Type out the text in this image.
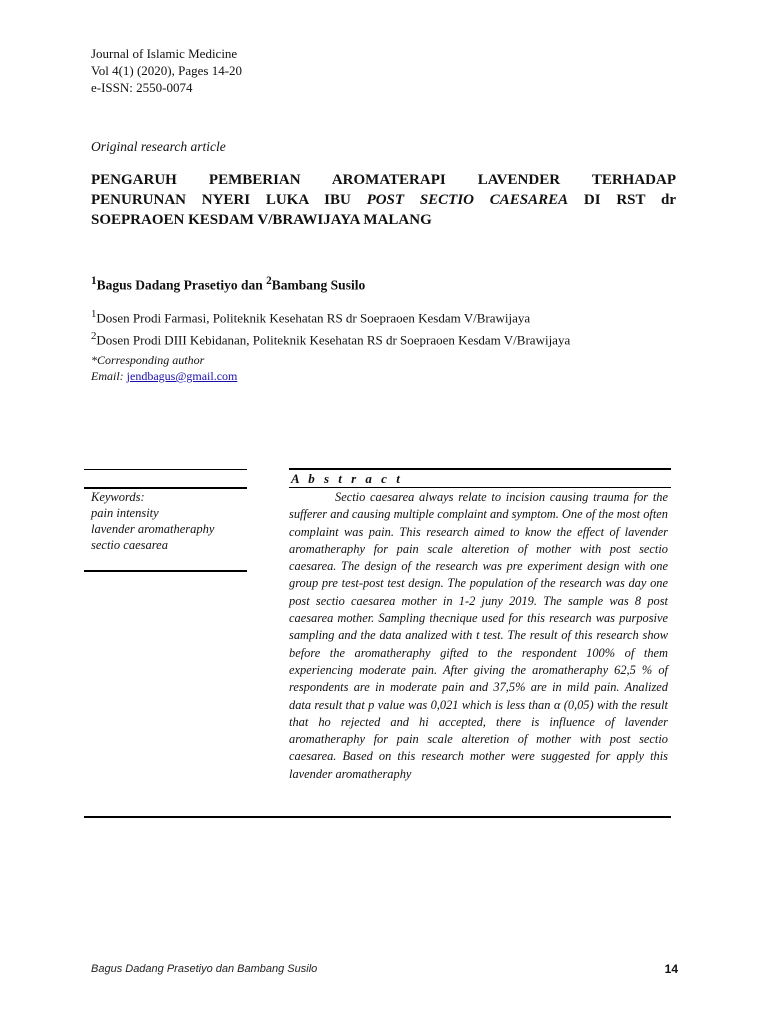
Journal of Islamic Medicine
Vol 4(1) (2020), Pages 14-20
e-ISSN: 2550-0074
Original research article
PENGARUH PEMBERIAN AROMATERAPI LAVENDER TERHADAP
PENURUNAN NYERI LUKA IBU POST SECTIO CAESAREA DI RST dr
SOEPRAOEN KESDAM V/BRAWIJAYA MALANG
$^1$Bagus Dadang Prasetiyo dan $^2$Bambang Susilo
$^1$Dosen Prodi Farmasi, Politeknik Kesehatan RS dr Soepraoen Kesdam V/Brawijaya
$^2$Dosen Prodi DIII Kebidanan, Politeknik Kesehatan RS dr Soepraoen Kesdam V/Brawijaya
*Corresponding author
Email: jendbagus@gmail.com
A b s t r a c t
Keywords:
pain intensity
lavender aromatheraphy
sectio caesarea
Sectio caesarea always relate to incision causing trauma for the sufferer and causing multiple complaint and symptom. One of the most often complaint was pain. This research aimed to know the effect of lavender aromatheraphy for pain scale alteretion of mother with post sectio caesarea. The design of the research was pre experiment design with one group pre test-post test design. The population of the research was day one post sectio caesarea mother in 1-2 juny 2019. The sample was 8 post caesarea mother. Sampling thecnique used for this research was purposive sampling and the data analized with t test. The result of this research show before the aromatheraphy gifted to the respondent 100% of them experiencing moderate pain. After giving the aromatheraphy 62,5 % of respondents are in moderate pain and 37,5% are in mild pain. Analized data result that p value was 0,021 which is less than α (0,05) with the result that ho rejected and hi accepted, there is influence of lavender aromatheraphy for pain scale alteretion of mother with post sectio caesarea. Based on this research mother were suggested for apply this lavender aromatheraphy
Bagus Dadang Prasetiyo dan Bambang Susilo	14
